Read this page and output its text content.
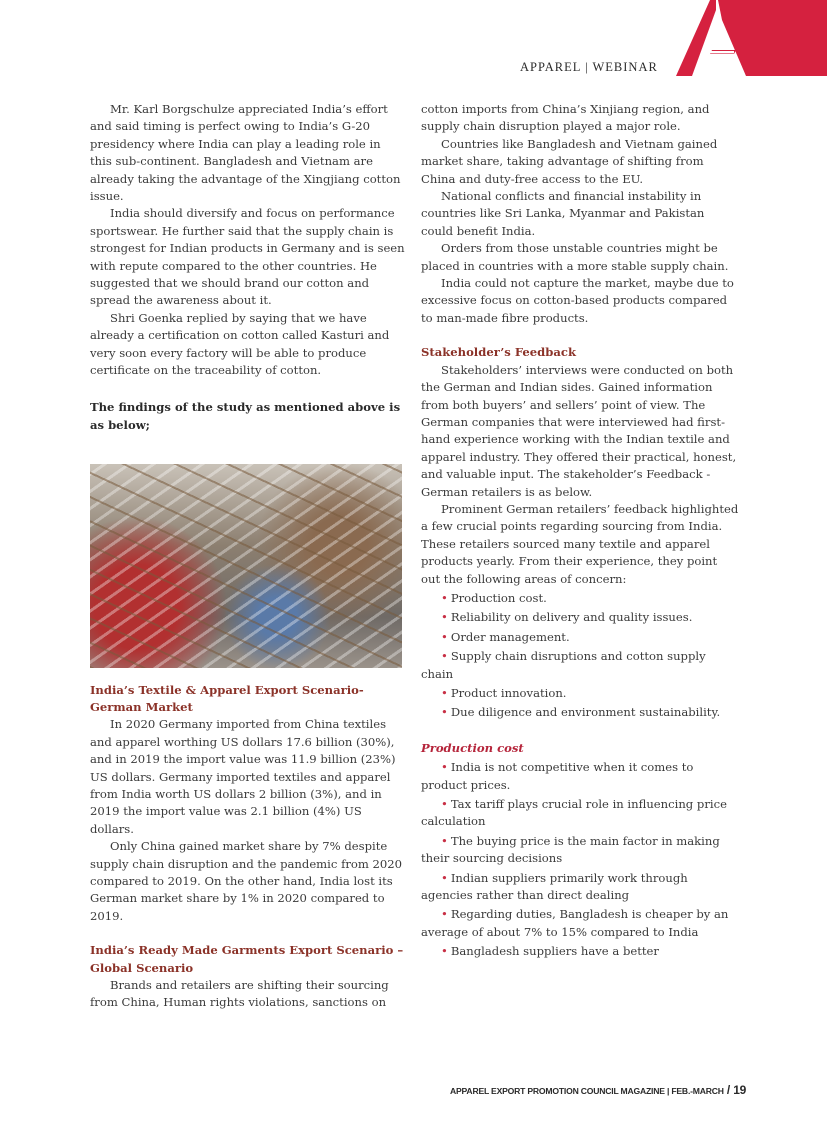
APPAREL | WEBINAR

Mr. Karl Borgschulze appreciated India’s effort and said timing is perfect owing to India’s G-20 presidency where India can play a leading role in this sub-continent. Bangladesh and Vietnam are already taking the advantage of the Xingjiang cotton issue.

India should diversify and focus on performance sportswear. He further said that the supply chain is strongest for Indian products in Germany and is seen with repute compared to the other countries. He suggested that we should brand our cotton and spread the awareness about it.

Shri Goenka replied by saying that we have already a certification on cotton called Kasturi and very soon every factory will be able to produce certificate on the traceability of cotton.

The findings of the study as mentioned above is as below;

India’s Textile & Apparel Export Scenario-German Market

In 2020 Germany imported from China textiles and apparel worthing US dollars 17.6 billion (30%), and in 2019 the import value was 11.9 billion (23%) US dollars. Germany imported textiles and apparel from India worth US dollars 2 billion (3%), and in 2019 the import value was 2.1 billion (4%) US dollars.

Only China gained market share by 7% despite supply chain disruption and the pandemic from 2020 compared to 2019. On the other hand, India lost its German market share by 1% in 2020 compared to 2019.

India’s Ready Made Garments Export Scenario – Global Scenario

Brands and retailers are shifting their sourcing from China, Human rights violations, sanctions on

cotton imports from China’s Xinjiang region, and supply chain disruption played a major role.

Countries like Bangladesh and Vietnam gained market share, taking advantage of shifting from China and duty-free access to the EU.

National conflicts and financial instability in countries like Sri Lanka, Myanmar and Pakistan could benefit India.

Orders from those unstable countries might be placed in countries with a more stable supply chain.

India could not capture the market, maybe due to excessive focus on cotton-based products compared to man-made fibre products.

Stakeholder’s Feedback

Stakeholders’ interviews were conducted on both the German and Indian sides. Gained information from both buyers’ and sellers’ point of view. The German companies that were interviewed had first-hand experience working with the Indian textile and apparel industry. They offered their practical, honest, and valuable input. The stakeholder’s Feedback - German retailers is as below.

Prominent German retailers’ feedback highlighted a few crucial points regarding sourcing from India. These retailers sourced many textile and apparel products yearly. From their experience, they point out the following areas of concern:

• Production cost.

• Reliability on delivery and quality issues.

• Order management.

• Supply chain disruptions and cotton supply chain

• Product innovation.

• Due diligence and environment sustainability.

Production cost

• India is not competitive when it comes to product prices.

• Tax tariff plays crucial role in influencing price calculation

• The buying price is the main factor in making their sourcing decisions

• Indian suppliers primarily work through agencies rather than direct dealing

• Regarding duties, Bangladesh is cheaper by an average of about 7% to 15% compared to India

• Bangladesh suppliers have a better

APPAREL EXPORT PROMOTION COUNCIL MAGAZINE | FEB.-MARCH / 19
